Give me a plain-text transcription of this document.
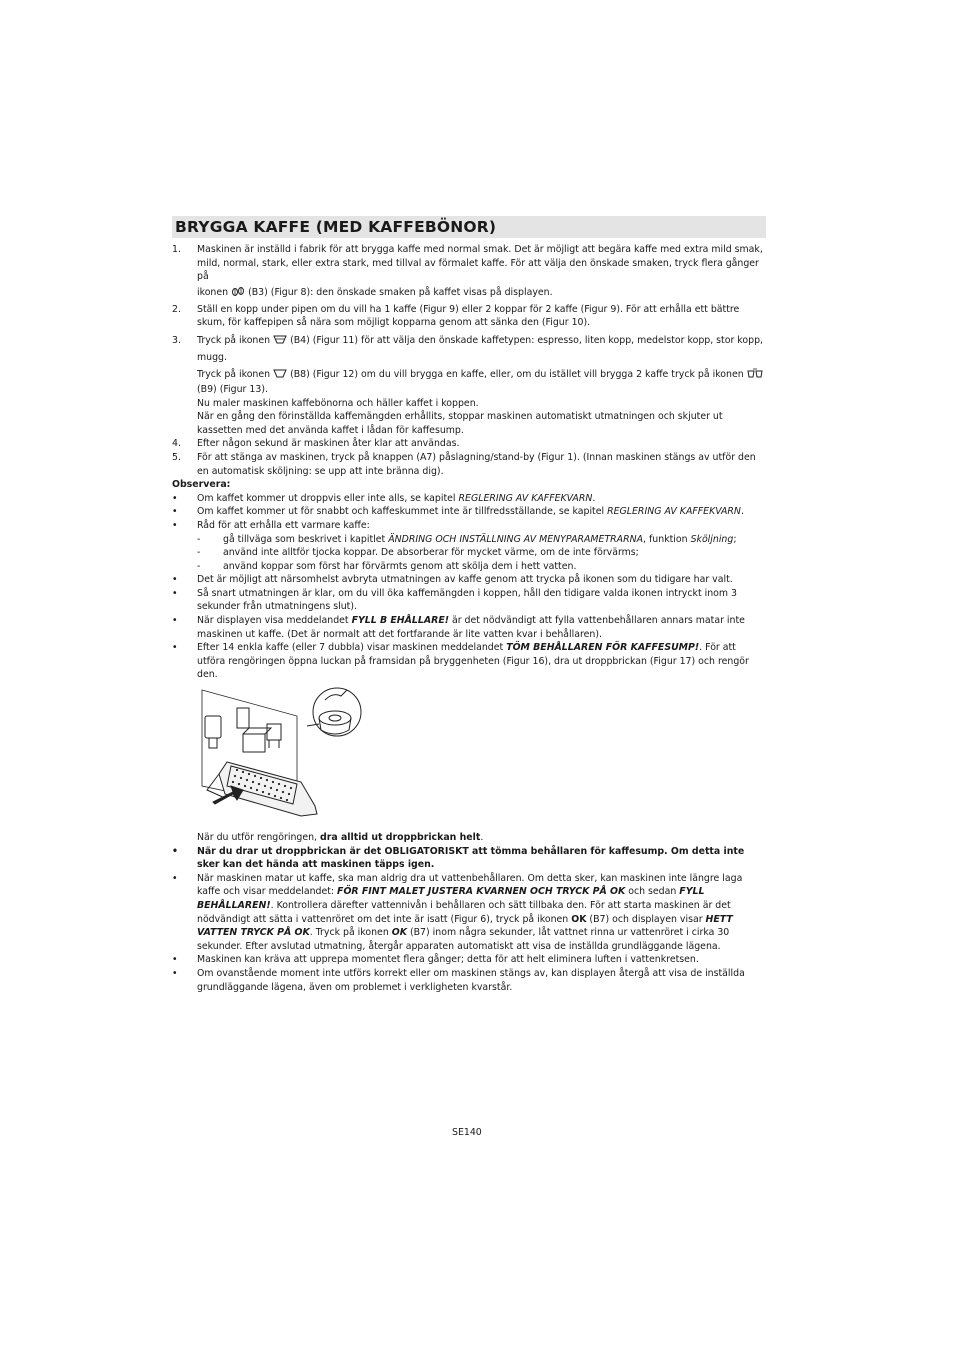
BRYGGA KAFFE (MED KAFFEBÖNOR)
1. Maskinen är inställd i fabrik för att brygga kaffe med normal smak. Det är möjligt att begära kaffe med extra mild smak, mild, normal, stark, eller extra stark, med tillval av förmalet kaffe. För att välja den önskade smaken, tryck flera gånger på
ikonen (B3) (Figur 8): den önskade smaken på kaffet visas på displayen.
2. Ställ en kopp under pipen om du vill ha 1 kaffe (Figur 9) eller 2 koppar för 2 kaffe (Figur 9). För att erhålla ett bättre skum, för kaffepipen så nära som möjligt kopparna genom att sänka den (Figur 10).
3. Tryck på ikonen (B4) (Figur 11) för att välja den önskade kaffetypen: espresso, liten kopp, medelstor kopp, stor kopp, mugg.
Tryck på ikonen (B8) (Figur 12) om du vill brygga en kaffe, eller, om du istället vill brygga 2 kaffe tryck på ikonen
(B9) (Figur 13).
Nu maler maskinen kaffebönorna och häller kaffet i koppen.
När en gång den förinställda kaffemängden erhållits, stoppar maskinen automatiskt utmatningen och skjuter ut kassetten med det använda kaffet i lådan för kaffesump.
4. Efter någon sekund är maskinen åter klar att användas.
5. För att stänga av maskinen, tryck på knappen (A7) påslagning/stand-by (Figur 1). (Innan maskinen stängs av utför den en automatisk sköljning: se upp att inte bränna dig).
Observera:
• Om kaffet kommer ut droppvis eller inte alls, se kapitel REGLERING AV KAFFEKVARN.
• Om kaffet kommer ut för snabbt och kaffeskummet inte är tillfredsställande, se kapitel REGLERING AV KAFFEKVARN.
• Råd för att erhålla ett varmare kaffe:
- gå tillväga som beskrivet i kapitlet ÄNDRING OCH INSTÄLLNING AV MENYPARAMETRARNA, funktion Sköljning;
- använd inte alltför tjocka koppar. De absorberar för mycket värme, om de inte förvärms;
- använd koppar som först har förvärmts genom att skölja dem i hett vatten.
• Det är möjligt att närsomhelst avbryta utmatningen av kaffe genom att trycka på ikonen som du tidigare har valt.
• Så snart utmatningen är klar, om du vill öka kaffemängden i koppen, håll den tidigare valda ikonen intryckt inom 3 sekunder från utmatningens slut).
• När displayen visa meddelandet FYLL B EHÅLLARE! är det nödvändigt att fylla vattenbehållaren annars matar inte maskinen ut kaffe. (Det är normalt att det fortfarande är lite vatten kvar i behållaren).
• Efter 14 enkla kaffe (eller 7 dubbla) visar maskinen meddelandet TÖM BEHÅLLAREN FÖR KAFFESUMP!. För att utföra rengöringen öppna luckan på framsidan på bryggenheten (Figur 16), dra ut droppbrickan (Figur 17) och rengör den.
När du utför rengöringen, dra alltid ut droppbrickan helt.
• När du drar ut droppbrickan är det OBLIGATORISKT att tömma behållaren för kaffesump. Om detta inte sker kan det hända att maskinen täpps igen.
• När maskinen matar ut kaffe, ska man aldrig dra ut vattenbehållaren. Om detta sker, kan maskinen inte längre laga kaffe och visar meddelandet: FÖR FINT MALET JUSTERA KVARNEN OCH TRYCK PÅ OK och sedan FYLL BEHÅLLAREN!. Kontrollera därefter vattennivån i behållaren och sätt tillbaka den. För att starta maskinen är det nödvändigt att sätta i vattenröret om det inte är isatt (Figur 6), tryck på ikonen OK (B7) och displayen visar HETT VATTEN TRYCK PÅ OK. Tryck på ikonen OK (B7) inom några sekunder, låt vattnet rinna ur vattenröret i cirka 30 sekunder. Efter avslutad utmatning, återgår apparaten automatiskt att visa de inställda grundläggande lägena.
• Maskinen kan kräva att upprepa momentet flera gånger; detta för att helt eliminera luften i vattenkretsen.
• Om ovanstående moment inte utförs korrekt eller om maskinen stängs av, kan displayen återgå att visa de inställda grundläggande lägena, även om problemet i verkligheten kvarstår.
SE140
